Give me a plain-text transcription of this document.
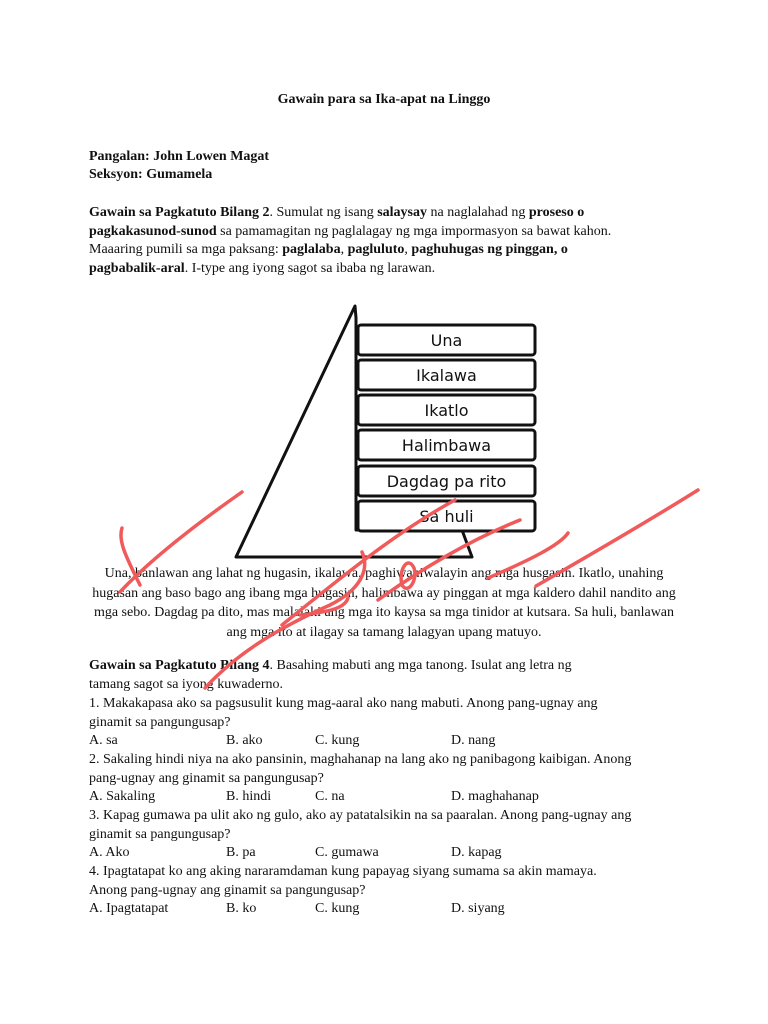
Gawain para sa Ika-apat na Linggo
Pangalan: John Lowen Magat
Seksyon: Gumamela
Gawain sa Pagkatuto Bilang 2. Sumulat ng isang salaysay na naglalahad ng proseso o
pagkakasunod-sunod sa pamamagitan ng paglalagay ng mga impormasyon sa bawat kahon.
Maaaring pumili sa mga paksang: paglalaba, pagluluto, paghuhugas ng pinggan, o
pagbabalik-aral. I-type ang iyong sagot sa ibaba ng larawan.
Una
Ikalawa
Ikatlo
Halimbawa
Dagdag pa rito
Sa huli
Una, banlawan ang lahat ng hugasin, ikalawa, paghiwahiwalayin ang mga husgasin. Ikatlo, unahing hugasan ang baso bago ang ibang mga hugasin, halimbawa ay pinggan at mga kaldero dahil nandito ang mga sebo. Dagdag pa dito, mas malalaki ang mga ito kaysa sa mga tinidor at kutsara. Sa huli, banlawan ang mga ito at ilagay sa tamang lalagyan upang matuyo.
Gawain sa Pagkatuto Bilang 4. Basahing mabuti ang mga tanong. Isulat ang letra ng
tamang sagot sa iyong kuwaderno.
1. Makakapasa ako sa pagsusulit kung mag-aaral ako nang mabuti. Anong pang-ugnay ang
ginamit sa pangungusap?
A. sa	B. ako	C. kung	D. nang
2. Sakaling hindi niya na ako pansinin, maghahanap na lang ako ng panibagong kaibigan. Anong
pang-ugnay ang ginamit sa pangungusap?
A. Sakaling	B. hindi	C. na	D. maghahanap
3. Kapag gumawa pa ulit ako ng gulo, ako ay patatalsikin na sa paaralan. Anong pang-ugnay ang
ginamit sa pangungusap?
A. Ako	B. pa	C. gumawa	D. kapag
4. Ipagtatapat ko ang aking nararamdaman kung papayag siyang sumama sa akin mamaya.
Anong pang-ugnay ang ginamit sa pangungusap?
A. Ipagtatapat	B. ko	C. kung	D. siyang
